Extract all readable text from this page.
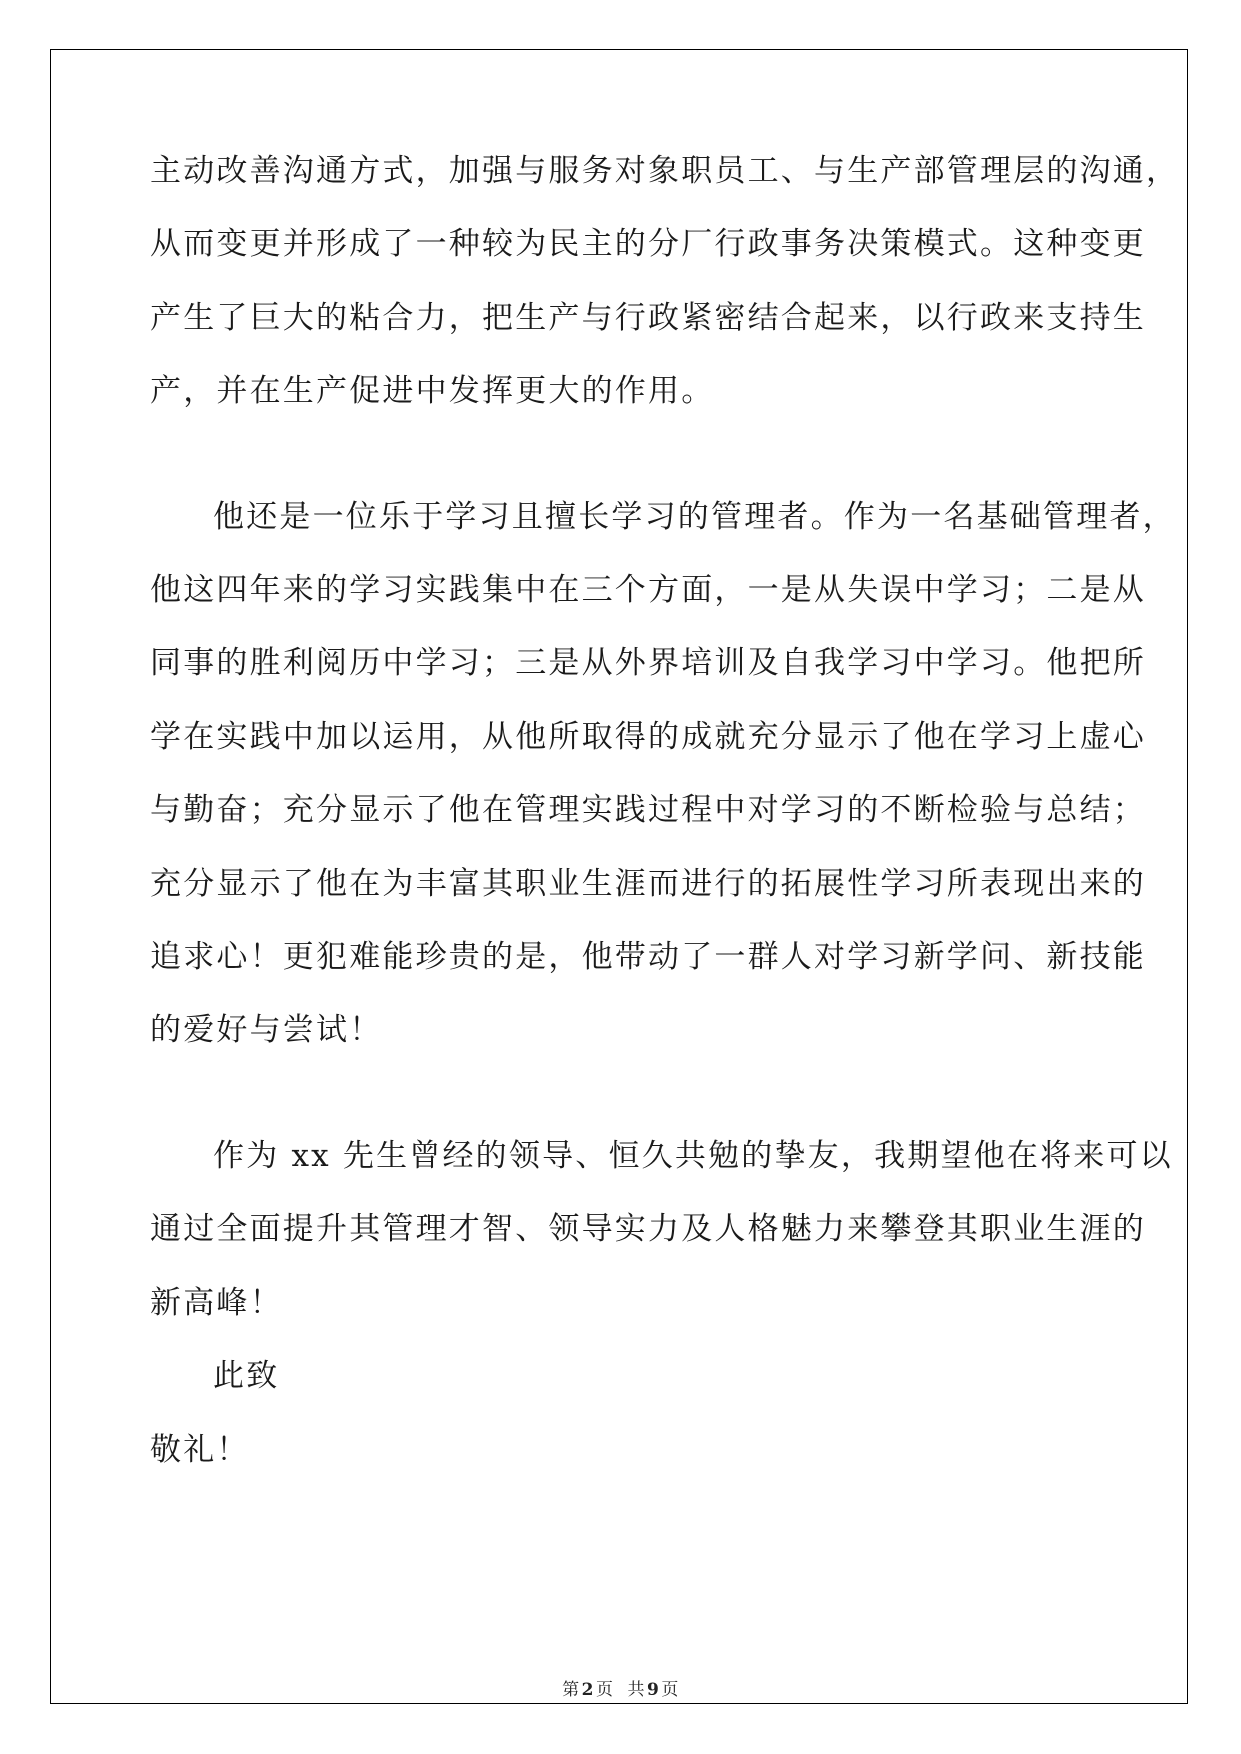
主动改善沟通方式，加强与服务对象职员工、与生产部管理层的沟通，
从而变更并形成了一种较为民主的分厂行政事务决策模式。这种变更
产生了巨大的粘合力，把生产与行政紧密结合起来，以行政来支持生
产，并在生产促进中发挥更大的作用。
他还是一位乐于学习且擅长学习的管理者。作为一名基础管理者，
他这四年来的学习实践集中在三个方面，一是从失误中学习；二是从
同事的胜利阅历中学习；三是从外界培训及自我学习中学习。他把所
学在实践中加以运用，从他所取得的成就充分显示了他在学习上虚心
与勤奋；充分显示了他在管理实践过程中对学习的不断检验与总结；
充分显示了他在为丰富其职业生涯而进行的拓展性学习所表现出来的
追求心！更犯难能珍贵的是，他带动了一群人对学习新学问、新技能
的爱好与尝试！
作为 xx 先生曾经的领导、恒久共勉的挚友，我期望他在将来可以
通过全面提升其管理才智、领导实力及人格魅力来攀登其职业生涯的
新高峰！
此致
敬礼！
第 2 页 共 9 页
